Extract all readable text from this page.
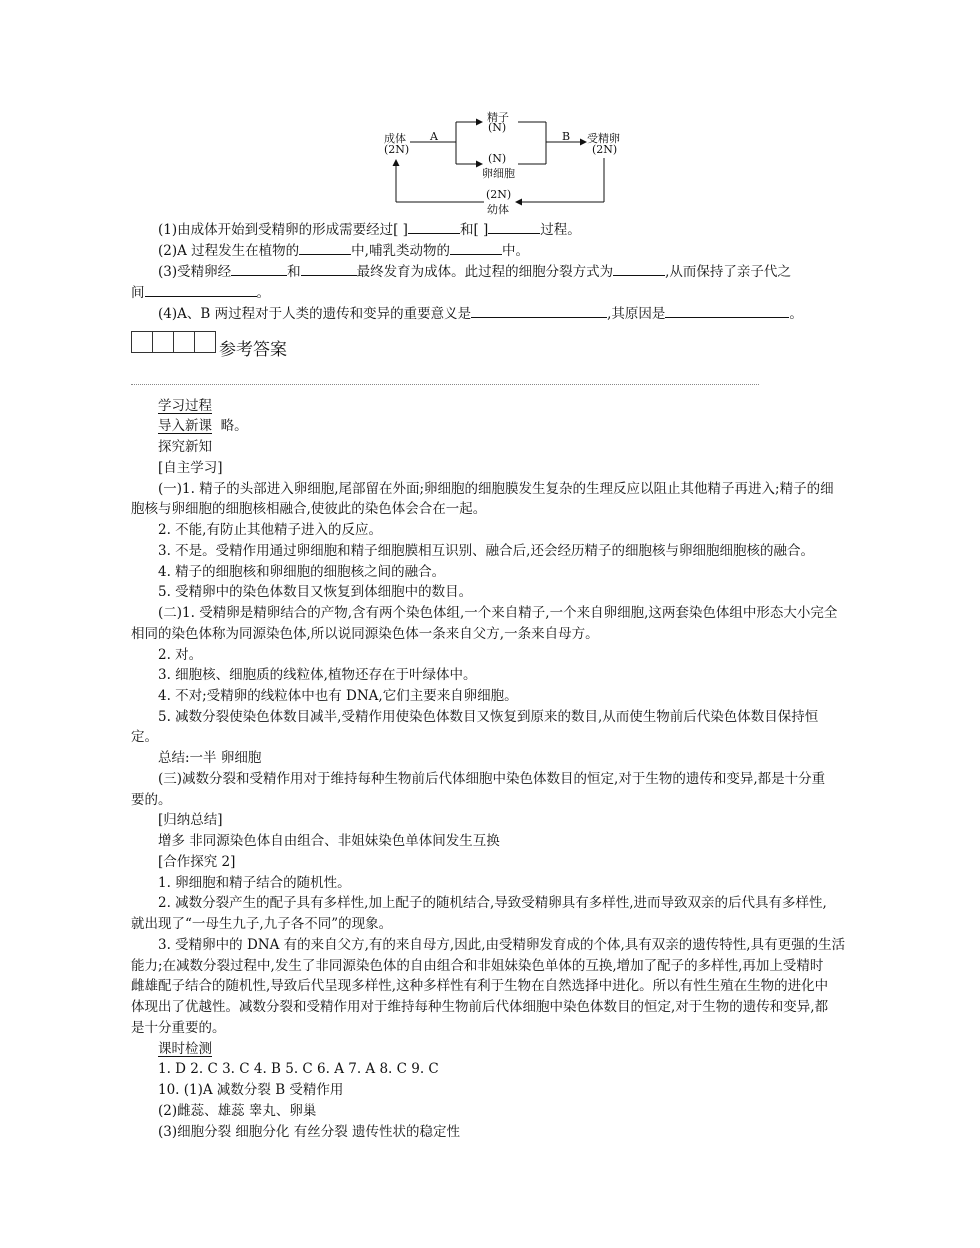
成体
(2N)
A
精子
(N)
(N)
卵细胞
B 受精卵
(2N)
(2N)
幼体
(1)由成体开始到受精卵的形成需要经过[ ]	和[ ]	过程。
(2)A 过程发生在植物的	中,哺乳类动物的	中。
(3)受精卵经	和	最终发育为成体。此过程的细胞分裂方式为	,从而保持了亲子代之
间	。
(4)A、B 两过程对于人类的遗传和变异的重要意义是	,其原因是	。
参考答案
学习过程
导入新课 略。
探究新知
[自主学习]
(一)1. 精子的头部进入卵细胞,尾部留在外面;卵细胞的细胞膜发生复杂的生理反应以阻止其他精子再进入;精子的细
胞核与卵细胞的细胞核相融合,使彼此的染色体会合在一起。
2. 不能,有防止其他精子进入的反应。
3. 不是。受精作用通过卵细胞和精子细胞膜相互识别、融合后,还会经历精子的细胞核与卵细胞细胞核的融合。
4. 精子的细胞核和卵细胞的细胞核之间的融合。
5. 受精卵中的染色体数目又恢复到体细胞中的数目。
(二)1. 受精卵是精卵结合的产物,含有两个染色体组,一个来自精子,一个来自卵细胞,这两套染色体组中形态大小完全
相同的染色体称为同源染色体,所以说同源染色体一条来自父方,一条来自母方。
2. 对。
3. 细胞核、细胞质的线粒体,植物还存在于叶绿体中。
4. 不对;受精卵的线粒体中也有 DNA,它们主要来自卵细胞。
5. 减数分裂使染色体数目减半,受精作用使染色体数目又恢复到原来的数目,从而使生物前后代染色体数目保持恒
定。
总结:一半 卵细胞
(三)减数分裂和受精作用对于维持每种生物前后代体细胞中染色体数目的恒定,对于生物的遗传和变异,都是十分重
要的。
[归纳总结]
增多 非同源染色体自由组合、非姐妹染色单体间发生互换
[合作探究 2]
1. 卵细胞和精子结合的随机性。
2. 减数分裂产生的配子具有多样性,加上配子的随机结合,导致受精卵具有多样性,进而导致双亲的后代具有多样性,
就出现了“一母生九子,九子各不同”的现象。
3. 受精卵中的 DNA 有的来自父方,有的来自母方,因此,由受精卵发育成的个体,具有双亲的遗传特性,具有更强的生活
能力;在减数分裂过程中,发生了非同源染色体的自由组合和非姐妹染色单体的互换,增加了配子的多样性,再加上受精时
雌雄配子结合的随机性,导致后代呈现多样性,这种多样性有利于生物在自然选择中进化。所以有性生殖在生物的进化中
体现出了优越性。减数分裂和受精作用对于维持每种生物前后代体细胞中染色体数目的恒定,对于生物的遗传和变异,都
是十分重要的。
课时检测
1. D 2. C 3. C 4. B 5. C 6. A 7. A 8. C 9. C
10. (1)A 减数分裂 B 受精作用
(2)雌蕊、雄蕊 睾丸、卵巢
(3)细胞分裂 细胞分化 有丝分裂 遗传性状的稳定性
